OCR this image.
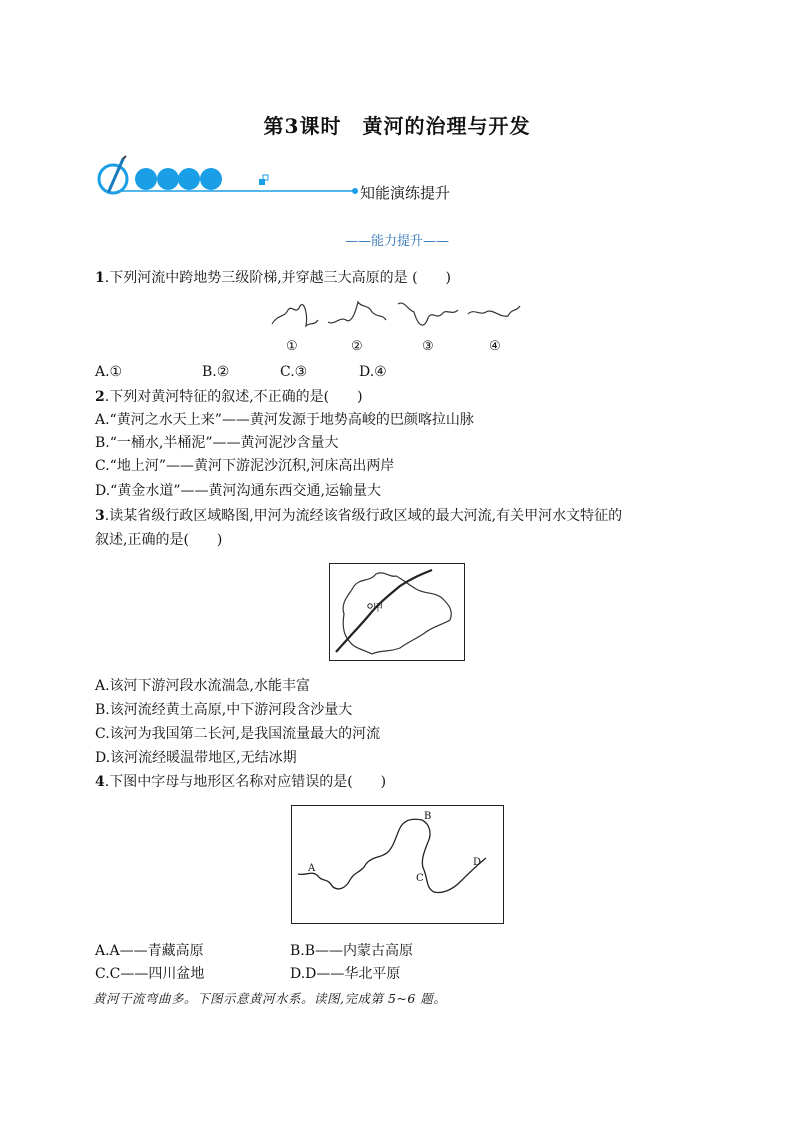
第3课时　黄河的治理与开发
知能演练提升
——能力提升——
1.下列河流中跨地势三级阶梯,并穿越三大高原的是 (　　)
①	②	③	④
A.①	B.②	C.③	D.④
2.下列对黄河特征的叙述,不正确的是(　　)
A.“黄河之水天上来”——黄河发源于地势高峻的巴颜喀拉山脉
B.“一桶水,半桶泥”——黄河泥沙含量大
C.“地上河”——黄河下游泥沙沉积,河床高出两岸
D.“黄金水道”——黄河沟通东西交通,运输量大
3.读某省级行政区域略图,甲河为流经该省级行政区域的最大河流,有关甲河水文特征的
叙述,正确的是(　　)
甲
A.该河下游河段水流湍急,水能丰富
B.该河流经黄土高原,中下游河段含沙量大
C.该河为我国第二长河,是我国流量最大的河流
D.该河流经暖温带地区,无结冰期
4.下图中字母与地形区名称对应错误的是(　　)
A
B
C
D
A.A——青藏高原	B.B——内蒙古高原
C.C——四川盆地	D.D——华北平原
黄河干流弯曲多。下图示意黄河水系。读图,完成第 5~6 题。
